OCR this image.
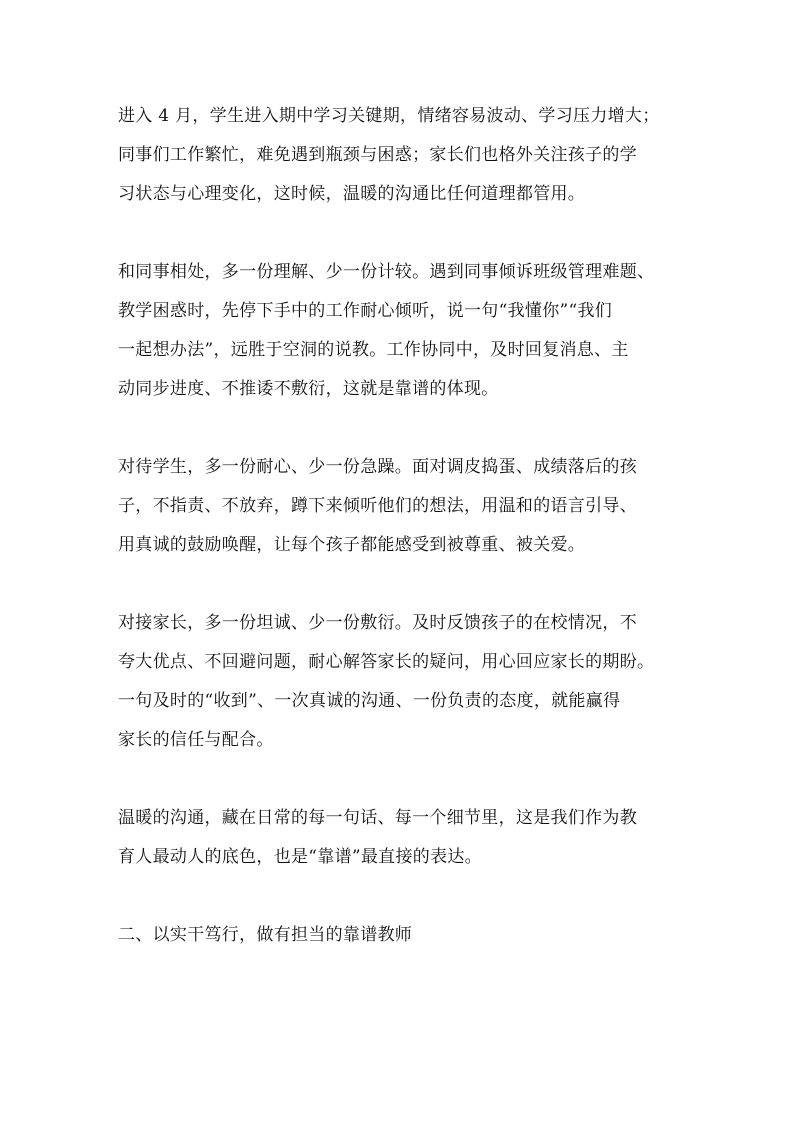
进入 4 月，学生进入期中学习关键期，情绪容易波动、学习压力增大；
同事们工作繁忙，难免遇到瓶颈与困惑；家长们也格外关注孩子的学
习状态与心理变化，这时候，温暖的沟通比任何道理都管用。

和同事相处，多一份理解、少一份计较。遇到同事倾诉班级管理难题、
教学困惑时，先停下手中的工作耐心倾听，说一句“我懂你”“我们
一起想办法”，远胜于空洞的说教。工作协同中，及时回复消息、主
动同步进度、不推诿不敷衍，这就是靠谱的体现。

对待学生，多一份耐心、少一份急躁。面对调皮捣蛋、成绩落后的孩
子，不指责、不放弃，蹲下来倾听他们的想法，用温和的语言引导、
用真诚的鼓励唤醒，让每个孩子都能感受到被尊重、被关爱。

对接家长，多一份坦诚、少一份敷衍。及时反馈孩子的在校情况，不
夸大优点、不回避问题，耐心解答家长的疑问，用心回应家长的期盼。
一句及时的“收到”、一次真诚的沟通、一份负责的态度，就能赢得
家长的信任与配合。

温暖的沟通，藏在日常的每一句话、每一个细节里，这是我们作为教
育人最动人的底色，也是“靠谱”最直接的表达。

二、以实干笃行，做有担当的靠谱教师
